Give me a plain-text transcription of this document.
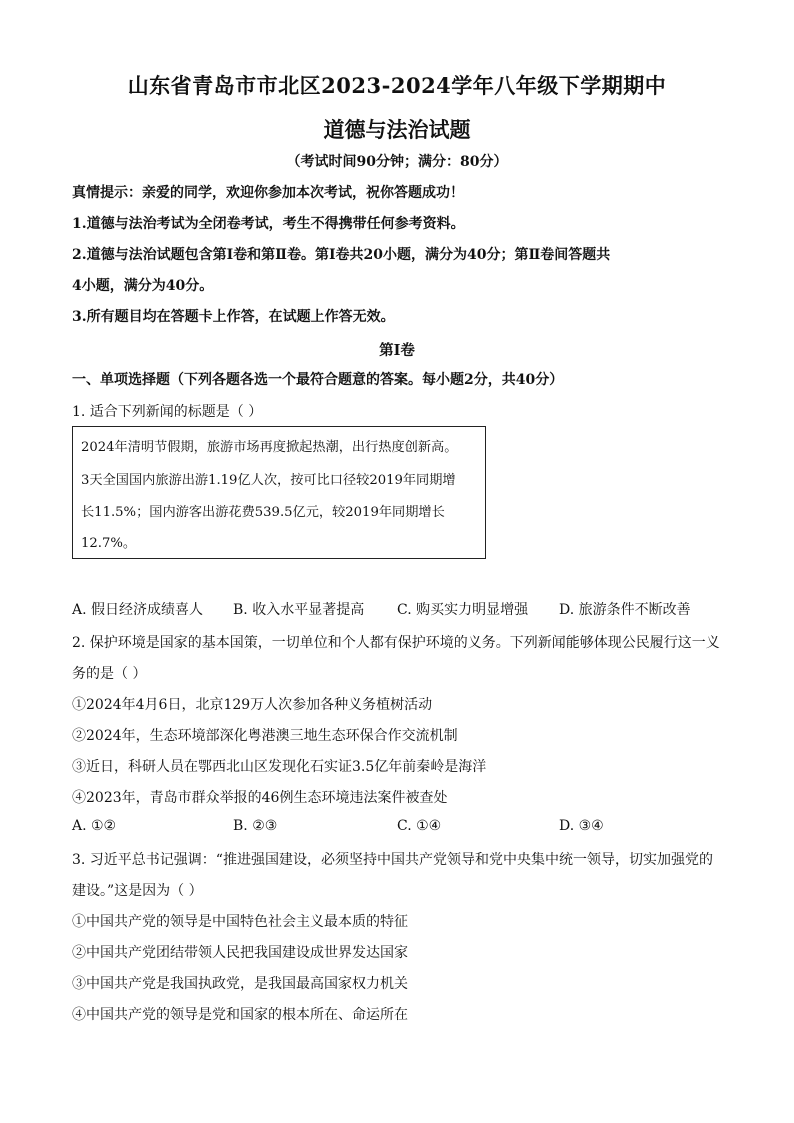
山东省青岛市市北区2023-2024学年八年级下学期期中
道德与法治试题
（考试时间90分钟；满分：80分）
真情提示：亲爱的同学，欢迎你参加本次考试，祝你答题成功！
1.道德与法治考试为全闭卷考试，考生不得携带任何参考资料。
2.道德与法治试题包含第Ⅰ卷和第Ⅱ卷。第Ⅰ卷共20小题，满分为40分；第Ⅱ卷间答题共
4小题，满分为40分。
3.所有题目均在答题卡上作答，在试题上作答无效。
第Ⅰ卷
一、单项选择题（下列各题各选一个最符合题意的答案。每小题2分，共40分）
1. 适合下列新闻的标题是（ ）
2024年清明节假期，旅游市场再度掀起热潮，出行热度创新高。
3天全国国内旅游出游1.19亿人次，按可比口径较2019年同期增
长11.5%；国内游客出游花费539.5亿元，较2019年同期增长
12.7%。
A. 假日经济成绩喜人 B. 收入水平显著提高 C. 购买实力明显增强 D. 旅游条件不断改善
2. 保护环境是国家的基本国策，一切单位和个人都有保护环境的义务。下列新闻能够体现公民履行这一义
务的是（ ）
①2024年4月6日，北京129万人次参加各种义务植树活动
②2024年，生态环境部深化粤港澳三地生态环保合作交流机制
③近日，科研人员在鄂西北山区发现化石实证3.5亿年前秦岭是海洋
④2023年，青岛市群众举报的46例生态环境违法案件被查处
A. ①②	B. ②③	C. ①④	D. ③④
3. 习近平总书记强调：“推进强国建设，必须坚持中国共产党领导和党中央集中统一领导，切实加强党的
建设。”这是因为（ ）
①中国共产党的领导是中国特色社会主义最本质的特征
②中国共产党团结带领人民把我国建设成世界发达国家
③中国共产党是我国执政党，是我国最高国家权力机关
④中国共产党的领导是党和国家的根本所在、命运所在
